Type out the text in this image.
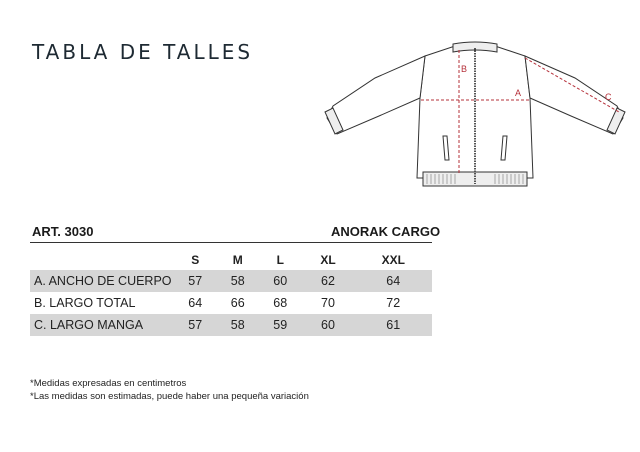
TABLA DE TALLES
A
B
C
ART. 3030	ANORAK CARGO
	S	M	L	XL	XXL
A. ANCHO DE CUERPO	57	58	60	62	64
B. LARGO TOTAL	64	66	68	70	72
C. LARGO MANGA	57	58	59	60	61
*Medidas expresadas en centimetros
*Las medidas son estimadas, puede haber una pequeña variación
